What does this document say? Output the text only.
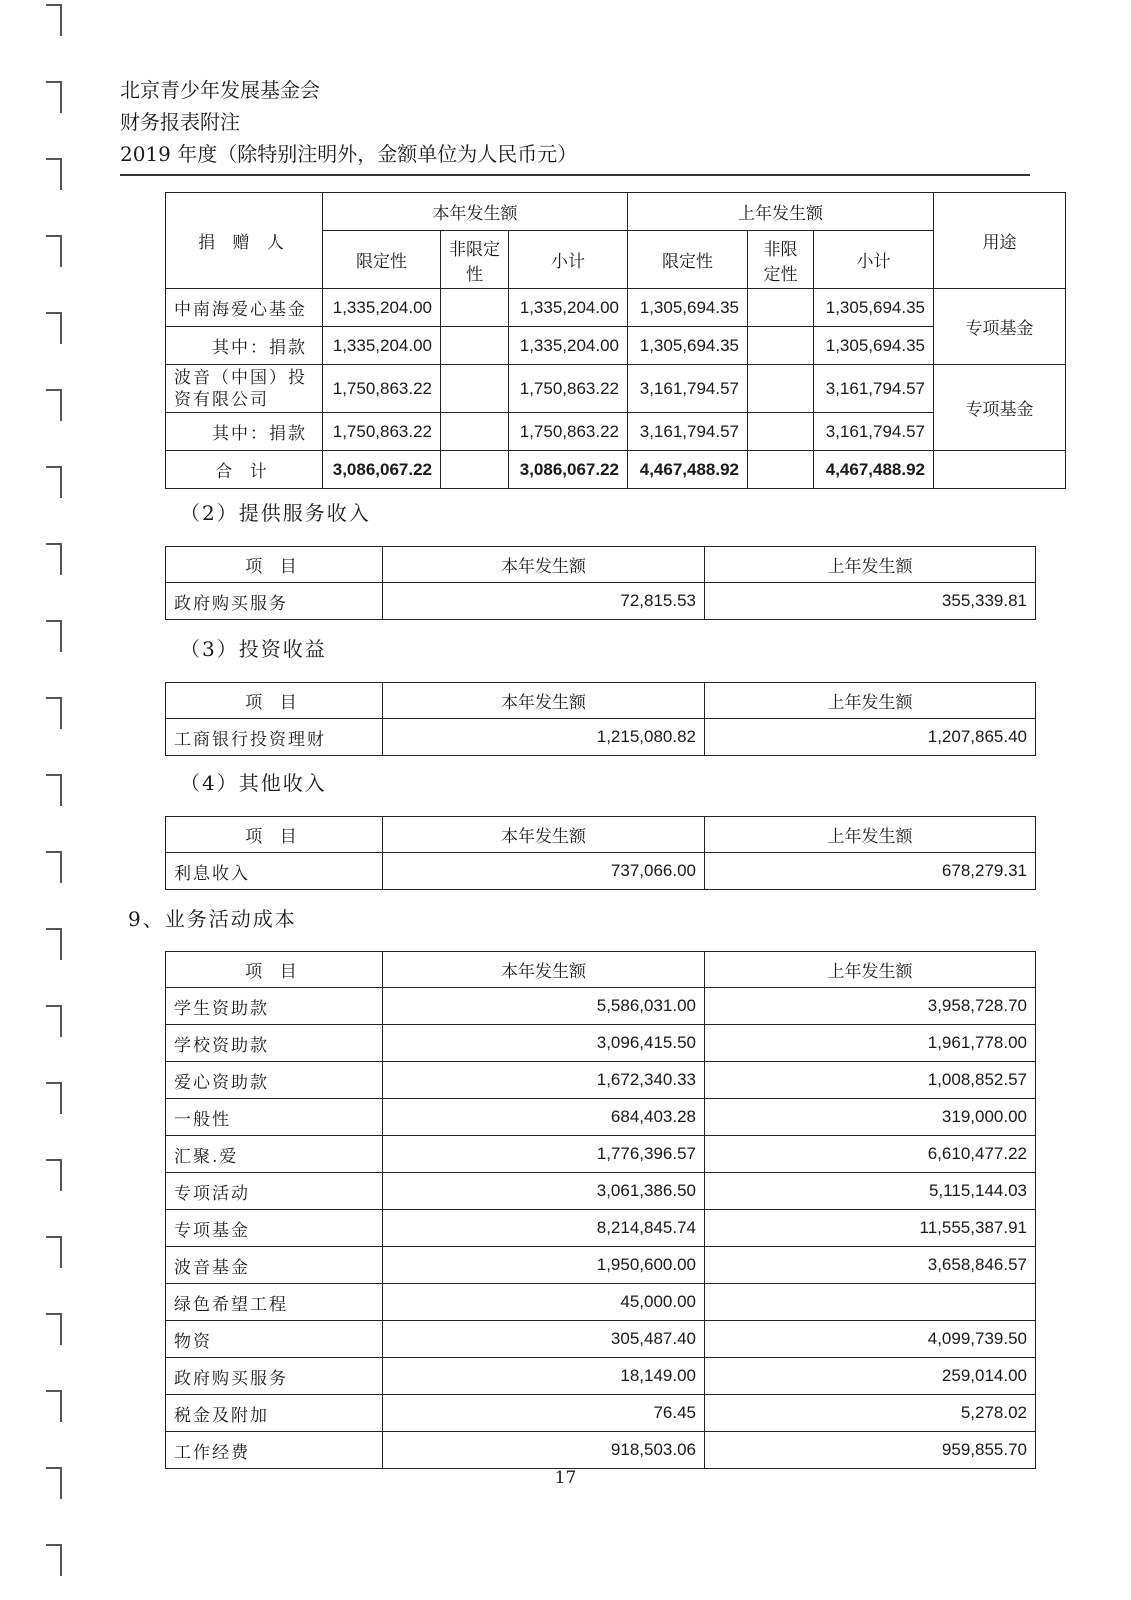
北京青少年发展基金会
财务报表附注
2019 年度（除特别注明外，金额单位为人民币元）
捐 赠 人	本年发生额			上年发生额			用途
	限定性	非限定性	小计	限定性	非限定性	小计	
中南海爱心基金	1,335,204.00		1,335,204.00	1,305,694.35		1,305,694.35	专项基金
其中：捐款	1,335,204.00		1,335,204.00	1,305,694.35		1,305,694.35	
波音（中国）投资有限公司	1,750,863.22		1,750,863.22	3,161,794.57		3,161,794.57	专项基金
其中：捐款	1,750,863.22		1,750,863.22	3,161,794.57		3,161,794.57	
合 计	3,086,067.22		3,086,067.22	4,467,488.92		4,467,488.92	
（2）提供服务收入
项 目	本年发生额	上年发生额
政府购买服务	72,815.53	355,339.81
（3）投资收益
项 目	本年发生额	上年发生额
工商银行投资理财	1,215,080.82	1,207,865.40
（4）其他收入
项 目	本年发生额	上年发生额
利息收入	737,066.00	678,279.31
9、业务活动成本
项 目	本年发生额	上年发生额
学生资助款	5,586,031.00	3,958,728.70
学校资助款	3,096,415.50	1,961,778.00
爱心资助款	1,672,340.33	1,008,852.57
一般性	684,403.28	319,000.00
汇聚.爱	1,776,396.57	6,610,477.22
专项活动	3,061,386.50	5,115,144.03
专项基金	8,214,845.74	11,555,387.91
波音基金	1,950,600.00	3,658,846.57
绿色希望工程	45,000.00	
物资	305,487.40	4,099,739.50
政府购买服务	18,149.00	259,014.00
税金及附加	76.45	5,278.02
工作经费	918,503.06	959,855.70
17
